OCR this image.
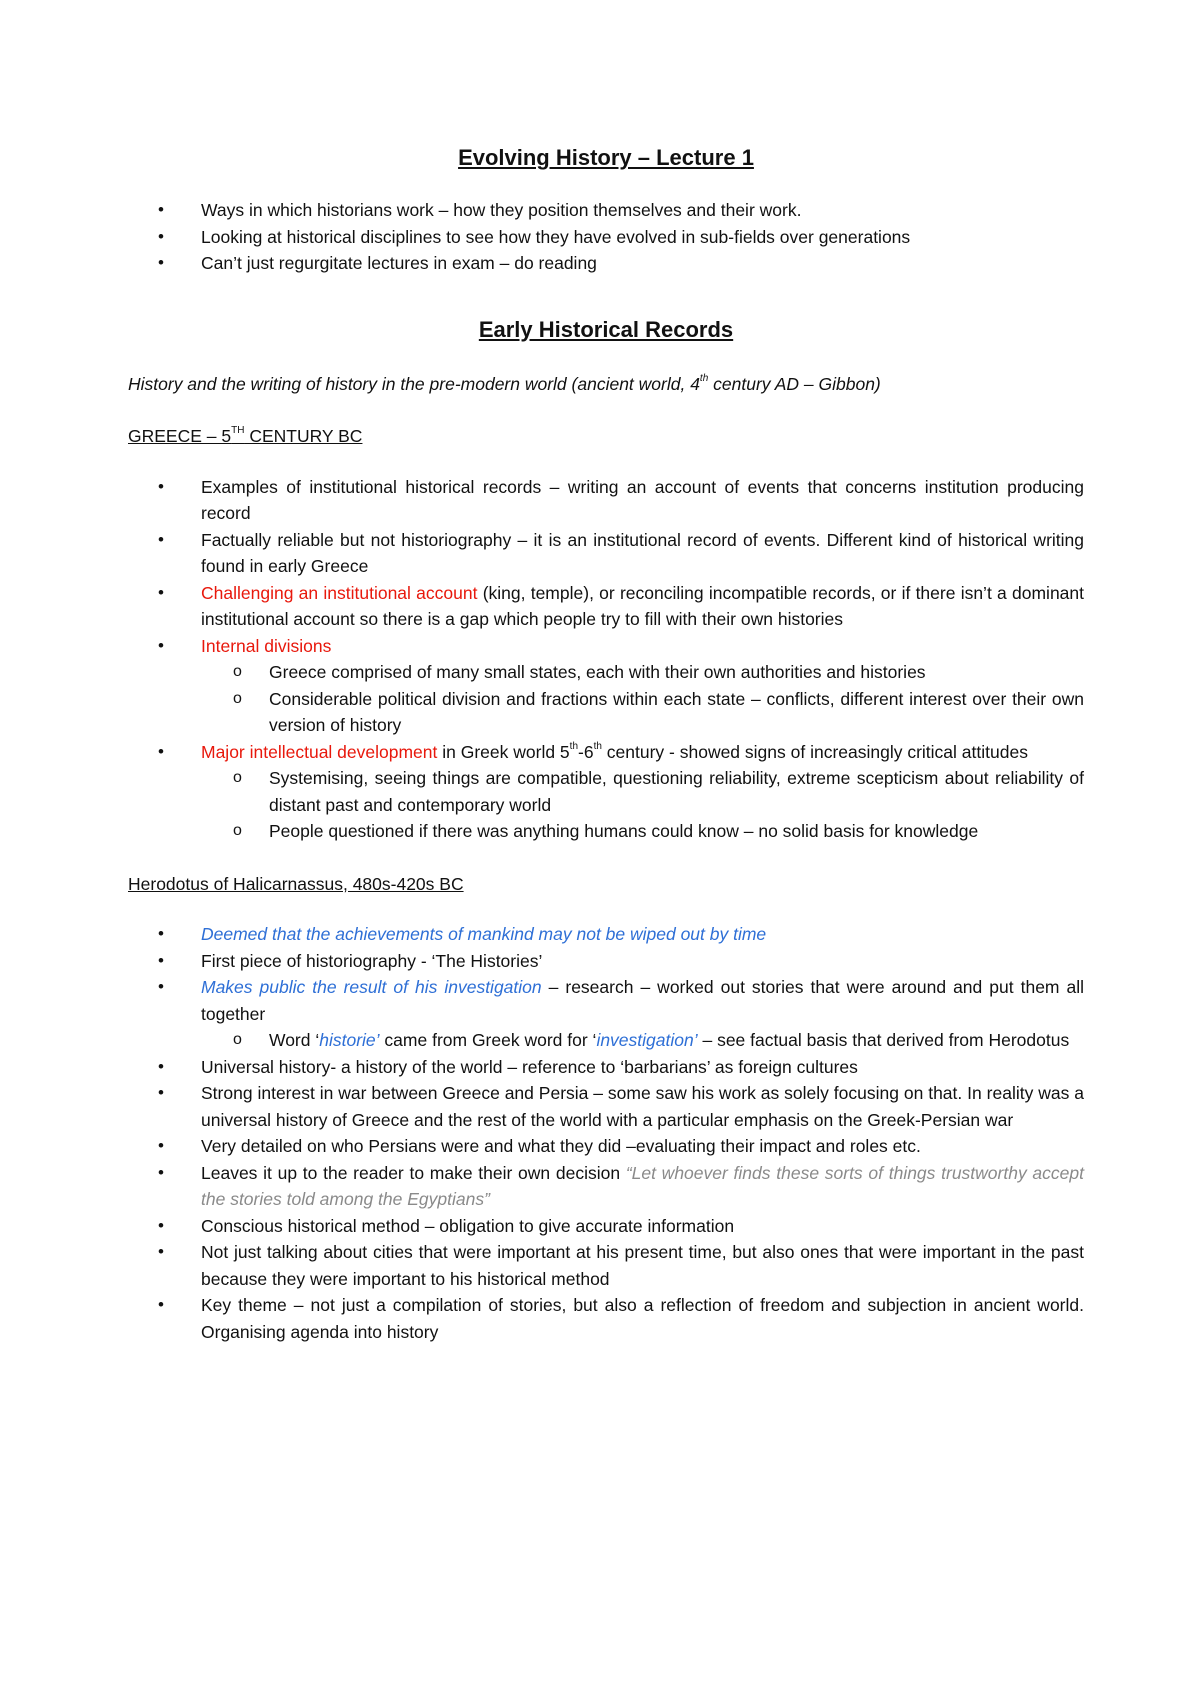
Evolving History – Lecture 1
• Ways in which historians work – how they position themselves and their work.
• Looking at historical disciplines to see how they have evolved in sub-fields over generations
• Can’t just regurgitate lectures in exam – do reading
Early Historical Records
History and the writing of history in the pre-modern world (ancient world, 4th century AD – Gibbon)
GREECE – 5TH CENTURY BC
• Examples of institutional historical records – writing an account of events that concerns institution producing record
• Factually reliable but not historiography – it is an institutional record of events. Different kind of historical writing found in early Greece
• Challenging an institutional account (king, temple), or reconciling incompatible records, or if there isn’t a dominant institutional account so there is a gap which people try to fill with their own histories
• Internal divisions
o Greece comprised of many small states, each with their own authorities and histories
o Considerable political division and fractions within each state – conflicts, different interest over their own version of history
• Major intellectual development in Greek world 5th-6th century - showed signs of increasingly critical attitudes
o Systemising, seeing things are compatible, questioning reliability, extreme scepticism about reliability of distant past and contemporary world
o People questioned if there was anything humans could know – no solid basis for knowledge
Herodotus of Halicarnassus, 480s-420s BC
• Deemed that the achievements of mankind may not be wiped out by time
• First piece of historiography - ‘The Histories’
• Makes public the result of his investigation – research – worked out stories that were around and put them all together
o Word ‘historie’ came from Greek word for ‘investigation’ – see factual basis that derived from Herodotus
• Universal history- a history of the world – reference to ‘barbarians’ as foreign cultures
• Strong interest in war between Greece and Persia – some saw his work as solely focusing on that. In reality was a universal history of Greece and the rest of the world with a particular emphasis on the Greek-Persian war
• Very detailed on who Persians were and what they did –evaluating their impact and roles etc.
• Leaves it up to the reader to make their own decision “Let whoever finds these sorts of things trustworthy accept the stories told among the Egyptians”
• Conscious historical method – obligation to give accurate information
• Not just talking about cities that were important at his present time, but also ones that were important in the past because they were important to his historical method
• Key theme – not just a compilation of stories, but also a reflection of freedom and subjection in ancient world. Organising agenda into history
